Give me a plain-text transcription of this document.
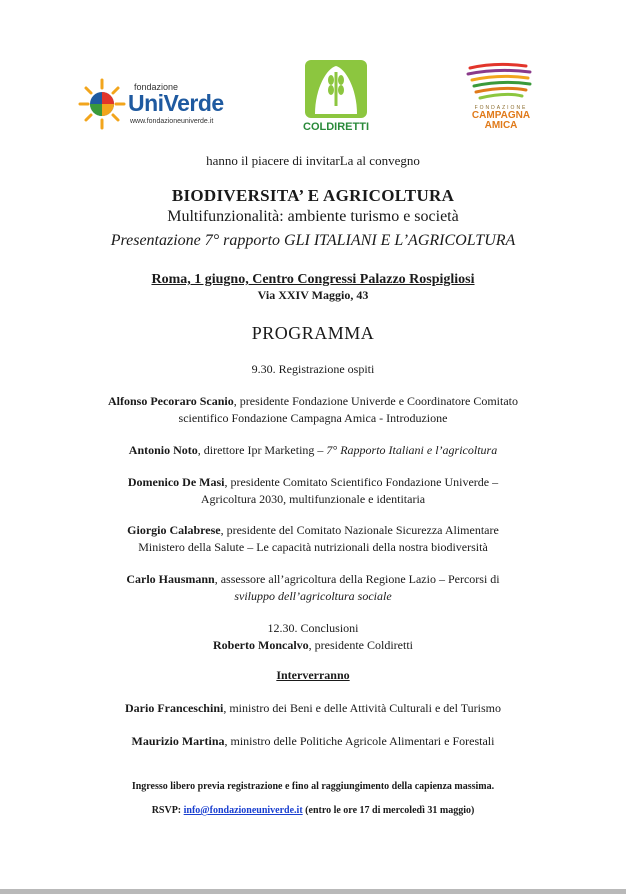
fondazione
UniVerde
www.fondazioneuniverde.it	COLDIRETTI
FONDAZIONE
CAMPAGNA
AMICA
hanno il piacere di invitarLa al convegno
BIODIVERSITA’ E AGRICOLTURA
Multifunzionalità: ambiente turismo e società
Presentazione 7° rapporto GLI ITALIANI E L’AGRICOLTURA
Roma, 1 giugno, Centro Congressi Palazzo Rospigliosi
Via XXIV Maggio, 43
PROGRAMMA
9.30. Registrazione ospiti
Alfonso Pecoraro Scanio, presidente Fondazione Univerde e Coordinatore Comitato
scientifico Fondazione Campagna Amica - Introduzione
Antonio Noto, direttore Ipr Marketing – 7° Rapporto Italiani e l’agricoltura
Domenico De Masi, presidente Comitato Scientifico Fondazione Univerde –
Agricoltura 2030, multifunzionale e identitaria
Giorgio Calabrese, presidente del Comitato Nazionale Sicurezza Alimentare
Ministero della Salute – Le capacità nutrizionali della nostra biodiversità
Carlo Hausmann, assessore all’agricoltura della Regione Lazio – Percorsi di
sviluppo dell’agricoltura sociale
12.30. Conclusioni
Roberto Moncalvo, presidente Coldiretti
Interverranno
Dario Franceschini, ministro dei Beni e delle Attività Culturali e del Turismo
Maurizio Martina, ministro delle Politiche Agricole Alimentari e Forestali
Ingresso libero previa registrazione e fino al raggiungimento della capienza massima.
RSVP: info@fondazioneuniverde.it (entro le ore 17 di mercoledì 31 maggio)
